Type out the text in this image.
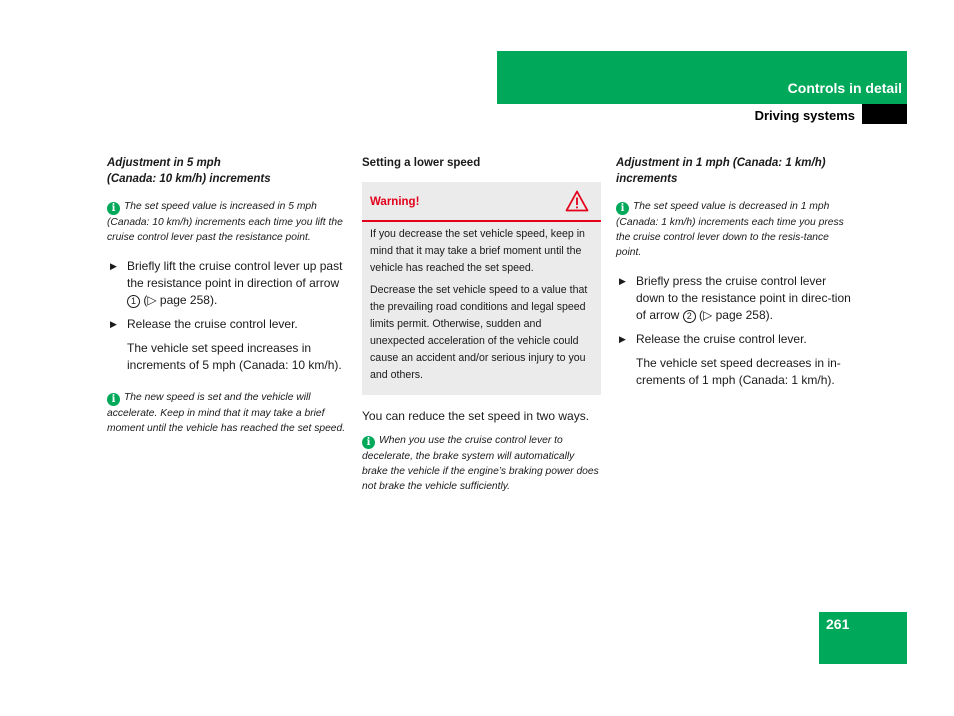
Controls in detail
Driving systems
Adjustment in 5 mph
(Canada: 10 km/h) increments
i The set speed value is increased in 5 mph (Canada: 10 km/h) increments each time you lift the cruise control lever past the resistance point.
▶ Briefly lift the cruise control lever up past the resistance point in direction of arrow 1 (▷ page 258).
▶ Release the cruise control lever.
The vehicle set speed increases in increments of 5 mph (Canada: 10 km/h).
i The new speed is set and the vehicle will accelerate. Keep in mind that it may take a brief moment until the vehicle has reached the set speed.
Setting a lower speed
Warning!

If you decrease the set vehicle speed, keep in mind that it may take a brief moment until the vehicle has reached the set speed.

Decrease the set vehicle speed to a value that the prevailing road conditions and legal speed limits permit. Otherwise, sudden and unexpected acceleration of the vehicle could cause an accident and/or serious injury to you and others.

You can reduce the set speed in two ways.
i When you use the cruise control lever to decelerate, the brake system will automatically brake the vehicle if the engine’s braking power does not brake the vehicle sufficiently.
Adjustment in 1 mph (Canada: 1 km/h)
increments
i The set speed value is decreased in 1 mph (Canada: 1 km/h) increments each time you press the cruise control lever down to the resis-tance point.
▶ Briefly press the cruise control lever down to the resistance point in direc-tion of arrow 2 (▷ page 258).
▶ Release the cruise control lever.
The vehicle set speed decreases in in-crements of 1 mph (Canada: 1 km/h).
261
